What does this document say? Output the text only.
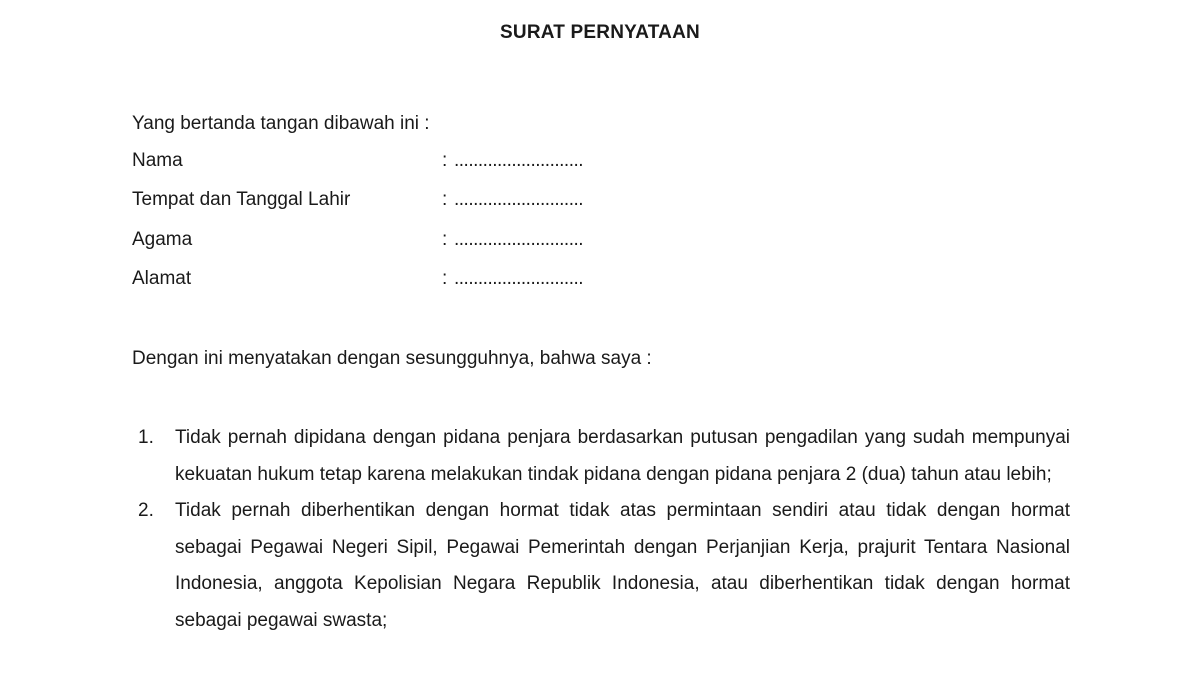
SURAT PERNYATAAN
Yang bertanda tangan dibawah ini :
Nama	: ...........................
Tempat dan Tanggal Lahir	: ...........................
Agama	: ...........................
Alamat	: ...........................
Dengan ini menyatakan dengan sesungguhnya, bahwa saya :
1. Tidak pernah dipidana dengan pidana penjara berdasarkan putusan pengadilan yang sudah mempunyai kekuatan hukum tetap karena melakukan tindak pidana dengan pidana penjara 2 (dua) tahun atau lebih;
2. Tidak pernah diberhentikan dengan hormat tidak atas permintaan sendiri atau tidak dengan hormat sebagai Pegawai Negeri Sipil, Pegawai Pemerintah dengan Perjanjian Kerja, prajurit Tentara Nasional Indonesia, anggota Kepolisian Negara Republik Indonesia, atau diberhentikan tidak dengan hormat sebagai pegawai swasta;
